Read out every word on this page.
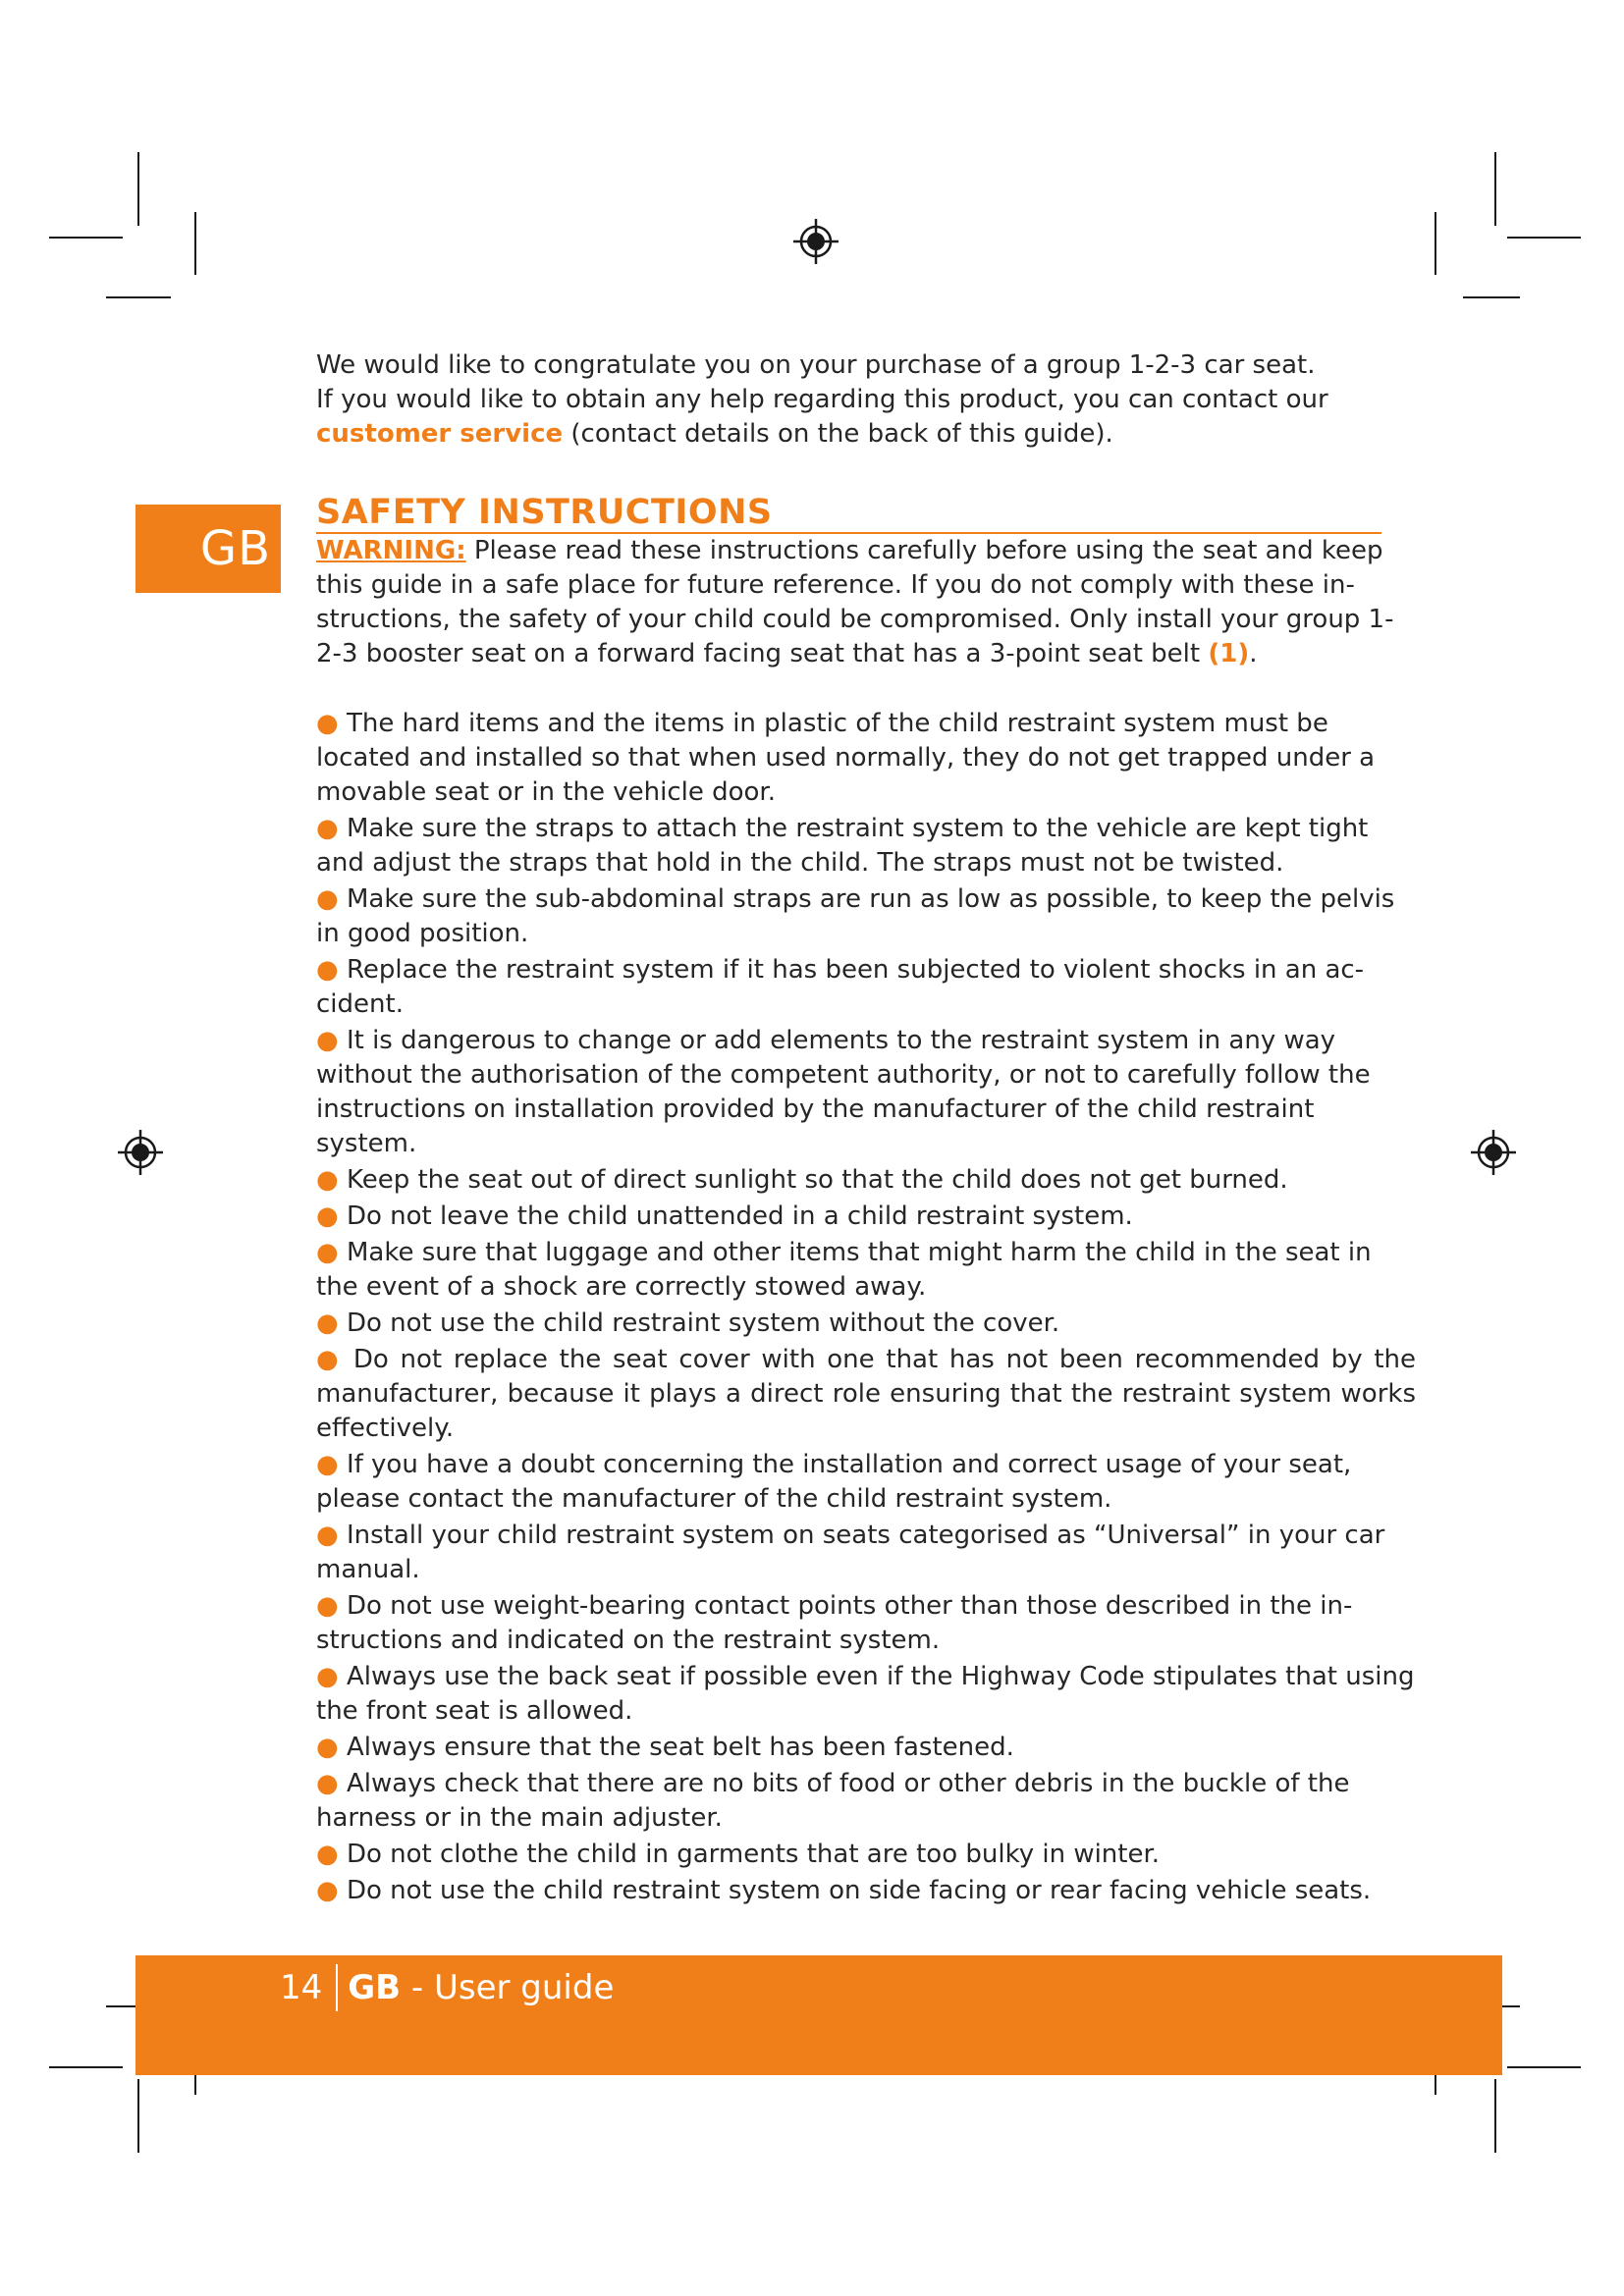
GB

We would like to congratulate you on your purchase of a group 1-2-3 car seat.

If you would like to obtain any help regarding this product, you can contact our
customer service (contact details on the back of this guide).

SAFETY INSTRUCTIONS

WARNING: Please read these instructions carefully before using the seat and keep this guide in a safe place for future reference. If you do not comply with these in-structions, the safety of your child could be compromised. Only install your group 1-2-3 booster seat on a forward facing seat that has a 3-point seat belt (1).

● The hard items and the items in plastic of the child restraint system must be located and installed so that when used normally, they do not get trapped under a movable seat or in the vehicle door.
● Make sure the straps to attach the restraint system to the vehicle are kept tight and adjust the straps that hold in the child. The straps must not be twisted.
● Make sure the sub-abdominal straps are run as low as possible, to keep the pelvis in good position.
● Replace the restraint system if it has been subjected to violent shocks in an ac-cident.
● It is dangerous to change or add elements to the restraint system in any way without the authorisation of the competent authority, or not to carefully follow the instructions on installation provided by the manufacturer of the child restraint system.
● Keep the seat out of direct sunlight so that the child does not get burned.
● Do not leave the child unattended in a child restraint system.
● Make sure that luggage and other items that might harm the child in the seat in the event of a shock are correctly stowed away.
● Do not use the child restraint system without the cover.
● Do not replace the seat cover with one that has not been recommended by the manufacturer, because it plays a direct role ensuring that the restraint system works effectively.
● If you have a doubt concerning the installation and correct usage of your seat, please contact the manufacturer of the child restraint system.
● Install your child restraint system on seats categorised as “Universal” in your car manual.
● Do not use weight-bearing contact points other than those described in the in-structions and indicated on the restraint system.
● Always use the back seat if possible even if the Highway Code stipulates that using the front seat is allowed.
● Always ensure that the seat belt has been fastened.
● Always check that there are no bits of food or other debris in the buckle of the harness or in the main adjuster.
● Do not clothe the child in garments that are too bulky in winter.
● Do not use the child restraint system on side facing or rear facing vehicle seats.
14 GB - User guide
